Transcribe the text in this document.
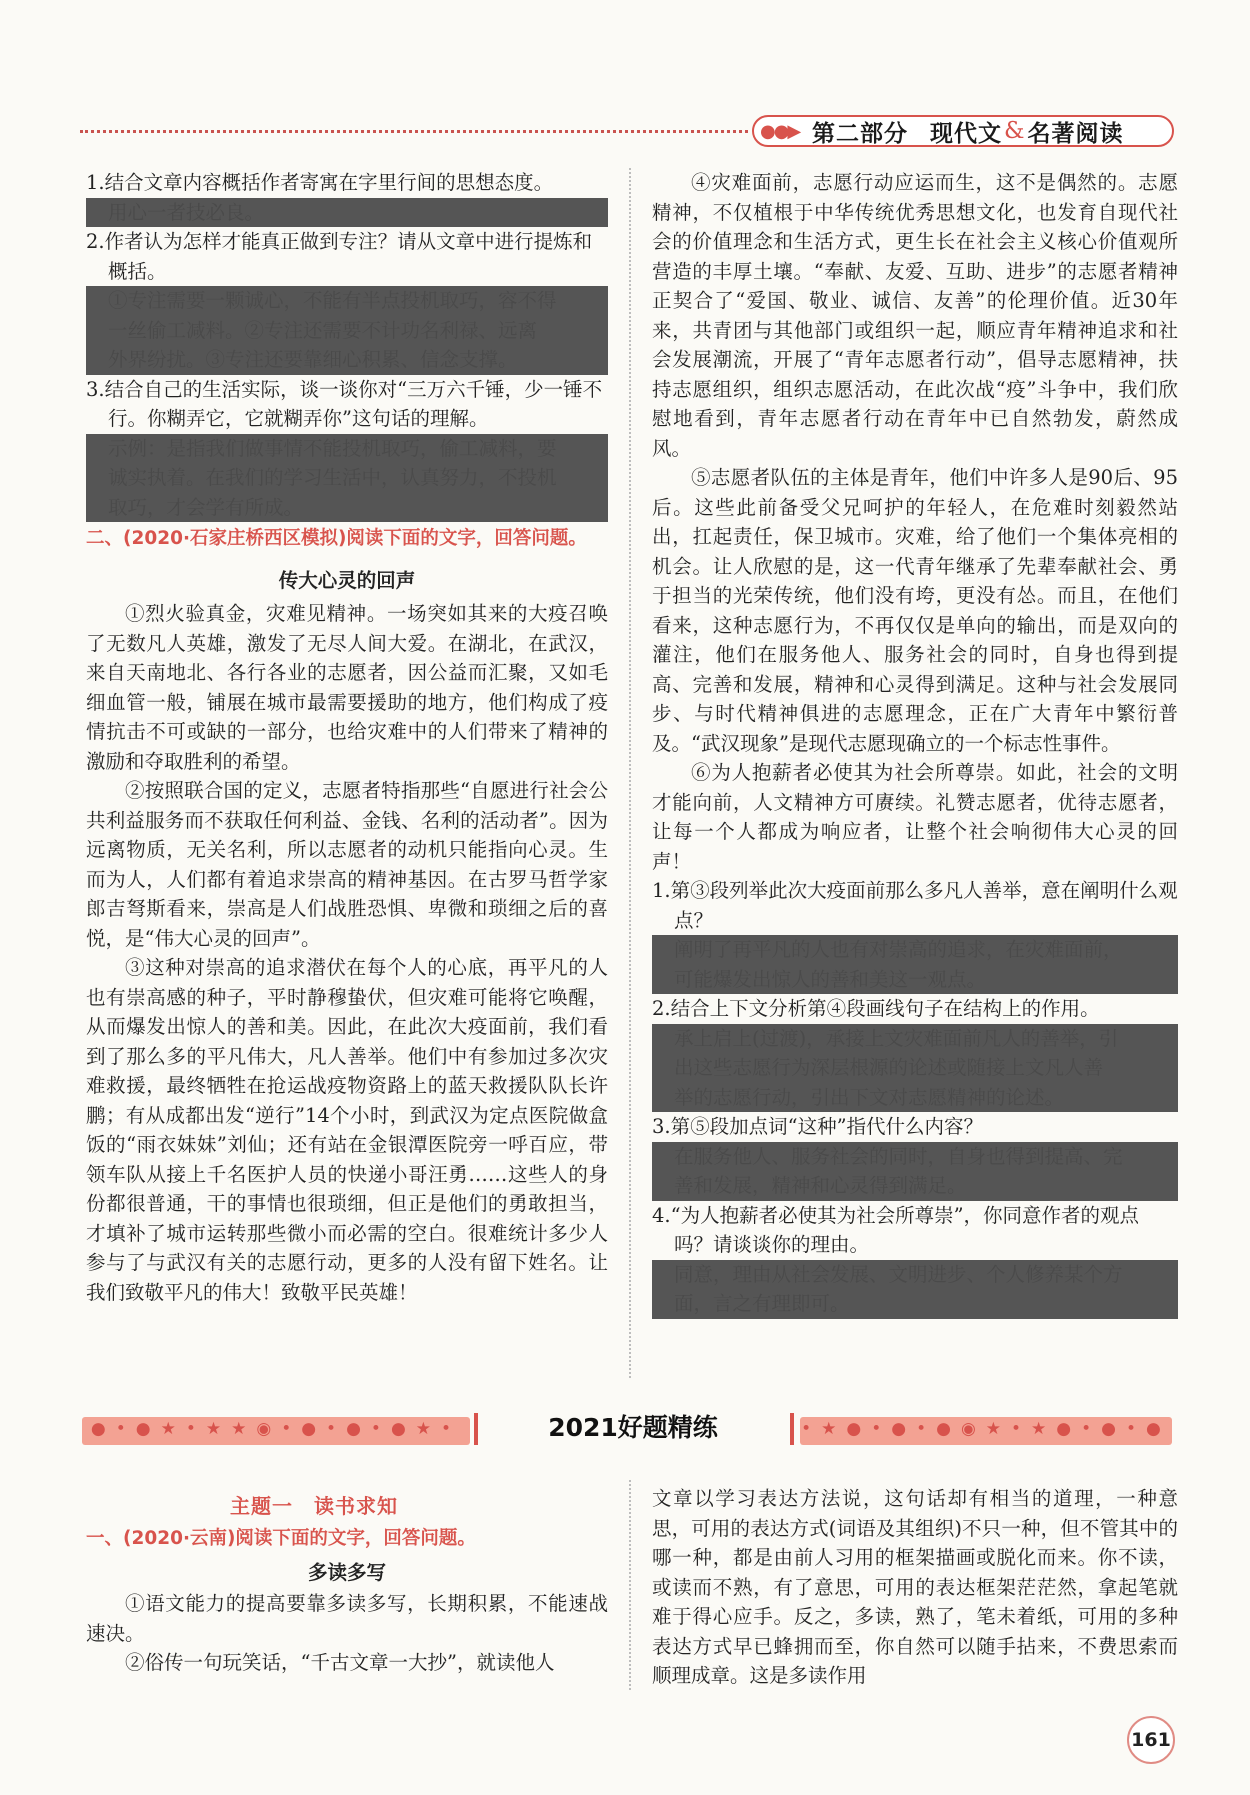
●●▶ 第二部分 现代文 & 名著阅读

1.结合文章内容概括作者寄寓在字里行间的思想态度。

用心一者技必良。

2.作者认为怎样才能真正做到专注？请从文章中进行提炼和概括。

①专注需要一颗诚心，不能有半点投机取巧，容不得

一丝偷工减料。②专注还需要不计功名利禄、远离

外界纷扰。③专注还要靠细心积累、信念支撑。

3.结合自己的生活实际，谈一谈你对“三万六千锤，少一锤不行。你糊弄它，它就糊弄你”这句话的理解。

示例：是指我们做事情不能投机取巧，偷工减料，要

诚实执着。在我们的学习生活中，认真努力，不投机

取巧，才会学有所成。

二、(2020·石家庄桥西区模拟)阅读下面的文字，回答问题。

传大心灵的回声

①烈火验真金，灾难见精神。一场突如其来的大疫召唤了无数凡人英雄，激发了无尽人间大爱。在湖北，在武汉，来自天南地北、各行各业的志愿者，因公益而汇聚，又如毛细血管一般，铺展在城市最需要援助的地方，他们构成了疫情抗击不可或缺的一部分，也给灾难中的人们带来了精神的激励和夺取胜利的希望。

②按照联合国的定义，志愿者特指那些“自愿进行社会公共利益服务而不获取任何利益、金钱、名利的活动者”。因为远离物质，无关名利，所以志愿者的动机只能指向心灵。生而为人，人们都有着追求崇高的精神基因。在古罗马哲学家郎吉弩斯看来，崇高是人们战胜恐惧、卑微和琐细之后的喜悦，是“伟大心灵的回声”。

③这种对崇高的追求潜伏在每个人的心底，再平凡的人也有崇高感的种子，平时静穆蛰伏，但灾难可能将它唤醒，从而爆发出惊人的善和美。因此，在此次大疫面前，我们看到了那么多的平凡伟大，凡人善举。他们中有参加过多次灾难救援，最终牺牲在抢运战疫物资路上的蓝天救援队队长许鹏；有从成都出发“逆行”14个小时，到武汉为定点医院做盒饭的“雨衣妹妹”刘仙；还有站在金银潭医院旁一呼百应，带领车队从接上千名医护人员的快递小哥汪勇……这些人的身份都很普通，干的事情也很琐细，但正是他们的勇敢担当，才填补了城市运转那些微小而必需的空白。很难统计多少人参与了与武汉有关的志愿行动，更多的人没有留下姓名。让我们致敬平凡的伟大！致敬平民英雄！

④灾难面前，志愿行动应运而生，这不是偶然的。志愿精神，不仅植根于中华传统优秀思想文化，也发育自现代社会的价值理念和生活方式，更生长在社会主义核心价值观所营造的丰厚土壤。“奉献、友爱、互助、进步”的志愿者精神正契合了“爱国、敬业、诚信、友善”的伦理价值。近30年来，共青团与其他部门或组织一起，顺应青年精神追求和社会发展潮流，开展了“青年志愿者行动”，倡导志愿精神，扶持志愿组织，组织志愿活动，在此次战“疫”斗争中，我们欣慰地看到，青年志愿者行动在青年中已自然勃发，蔚然成风。

⑤志愿者队伍的主体是青年，他们中许多人是90后、95后。这些此前备受父兄呵护的年轻人，在危难时刻毅然站出，扛起责任，保卫城市。灾难，给了他们一个集体亮相的机会。让人欣慰的是，这一代青年继承了先辈奉献社会、勇于担当的光荣传统，他们没有垮，更没有怂。而且，在他们看来，这种志愿行为，不再仅仅是单向的输出，而是双向的灌注，他们在服务他人、服务社会的同时，自身也得到提高、完善和发展，精神和心灵得到满足。这种与社会发展同步、与时代精神俱进的志愿理念，正在广大青年中繁衍普及。“武汉现象”是现代志愿现确立的一个标志性事件。

⑥为人抱薪者必使其为社会所尊崇。如此，社会的文明才能向前，人文精神方可赓续。礼赞志愿者，优待志愿者，让每一个人都成为响应者，让整个社会响彻伟大心灵的回声！

1.第③段列举此次大疫面前那么多凡人善举，意在阐明什么观点？

阐明了再平凡的人也有对崇高的追求，在灾难面前，

可能爆发出惊人的善和美这一观点。

2.结合上下文分析第④段画线句子在结构上的作用。

承上启上(过渡)，承接上文灾难面前凡人的善举，引

出这些志愿行为深层根源的论述或随接上文凡人善

举的志愿行动，引出下文对志愿精神的论述。

3.第⑤段加点词“这种”指代什么内容？

在服务他人、服务社会的同时，自身也得到提高、完

善和发展，精神和心灵得到满足。

4.“为人抱薪者必使其为社会所尊崇”，你同意作者的观点吗？请谈谈你的理由。

同意，理由从社会发展、文明进步、个人修养某个方

面，言之有理即可。

●•●★•★★◉•●•●•●★•	2021好题精练	•★●•●•●◉★•★●•●•●
主题一　读书求知

一、(2020·云南)阅读下面的文字，回答问题。

多读多写

①语文能力的提高要靠多读多写，长期积累，不能速战速决。

②俗传一句玩笑话，“千古文章一大抄”，就读他人

文章以学习表达方法说，这句话却有相当的道理，一种意思，可用的表达方式(词语及其组织)不只一种，但不管其中的哪一种，都是由前人习用的框架描画或脱化而来。你不读，或读而不熟，有了意思，可用的表达框架茫茫然，拿起笔就难于得心应手。反之，多读，熟了，笔未着纸，可用的多种表达方式早已蜂拥而至，你自然可以随手拈来，不费思索而顺理成章。这是多读作用

161
